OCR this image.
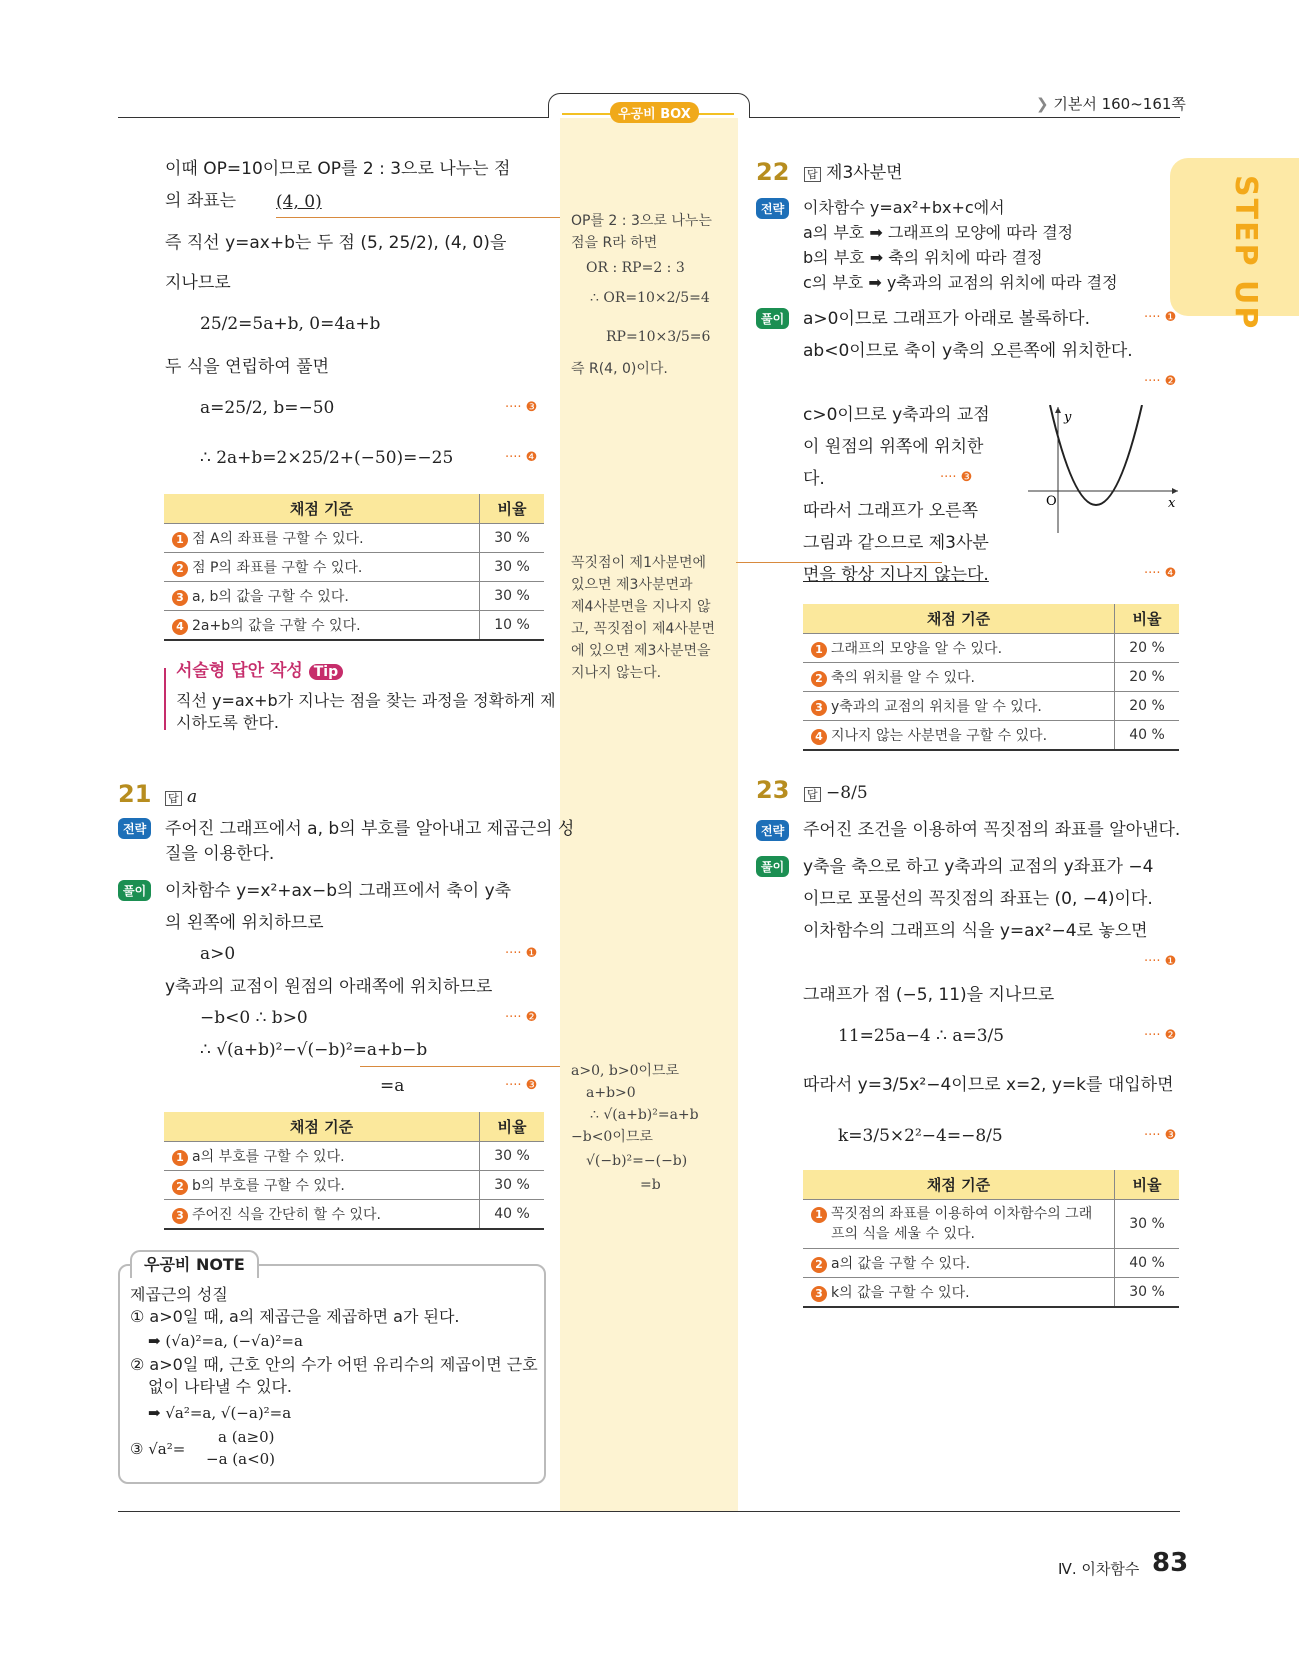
우공비 BOX
❯ 기본서 160~161쪽
STEP UP
이때 OP=10이므로 OP를 2 : 3으로 나누는 점
의 좌표는 (4, 0)
즉 직선 y=ax+b는 두 점 (5, 25/2), (4, 0)을
지나므로
25/2=5a+b, 0=4a+b
두 식을 연립하여 풀면
a=25/2, b=−50	···· ❸
∴ 2a+b=2×25/2+(−50)=−25	···· ❹
채점 기준	비율
1 점 A의 좌표를 구할 수 있다.	30 %
2 점 P의 좌표를 구할 수 있다.	30 %
3 a, b의 값을 구할 수 있다.	30 %
4 2a+b의 값을 구할 수 있다.	10 %
서술형 답안 작성 Tip
직선 y=ax+b가 지나는 점을 찾는 과정을 정확하게 제
시하도록 한다.
21 답 a
전략 주어진 그래프에서 a, b의 부호를 알아내고 제곱근의 성
질을 이용한다.
풀이 이차함수 y=x²+ax−b의 그래프에서 축이 y축
의 왼쪽에 위치하므로
a>0	···· ❶
y축과의 교점이 원점의 아래쪽에 위치하므로
−b<0 ∴ b>0	···· ❷
∴ √(a+b)²−√(−b)²=a+b−b
=a	···· ❸
채점 기준	비율
1 a의 부호를 구할 수 있다.	30 %
2 b의 부호를 구할 수 있다.	30 %
3 주어진 식을 간단히 할 수 있다.	40 %
우공비 NOTE
제곱근의 성질
① a>0일 때, a의 제곱근을 제곱하면 a가 된다.
➡ (√a)²=a, (−√a)²=a
② a>0일 때, 근호 안의 수가 어떤 유리수의 제곱이면 근호
없이 나타낼 수 있다.
➡ √a²=a, √(−a)²=a
③ √a²=
a (a≥0)
−a (a<0)
OP를 2 : 3으로 나누는
점을 R라 하면
OR : RP=2 : 3
∴ OR=10×2/5=4
RP=10×3/5=6
즉 R(4, 0)이다.
꼭짓점이 제1사분면에
있으면 제3사분면과
제4사분면을 지나지 않
고, 꼭짓점이 제4사분면
에 있으면 제3사분면을
지나지 않는다.
a>0, b>0이므로
a+b>0
∴ √(a+b)²=a+b
−b<0이므로
√(−b)²=−(−b)
=b
22 답 제3사분면
전략	이차함수 y=ax²+bx+c에서
a의 부호 ➡ 그래프의 모양에 따라 결정
b의 부호 ➡ 축의 위치에 따라 결정
c의 부호 ➡ y축과의 교점의 위치에 따라 결정
풀이 a>0이므로 그래프가 아래로 볼록하다.	···· ❶
ab<0이므로 축이 y축의 오른쪽에 위치한다.
···· ❷
c>0이므로 y축과의 교점
이 원점의 위쪽에 위치한
다.	···· ❸
따라서 그래프가 오른쪽
그림과 같으므로 제3사분
면을 항상 지나지 않는다.	···· ❹
y
x
O
채점 기준	비율
1 그래프의 모양을 알 수 있다.	20 %
2 축의 위치를 알 수 있다.	20 %
3 y축과의 교점의 위치를 알 수 있다.	20 %
4 지나지 않는 사분면을 구할 수 있다.	40 %
23 답 −8/5
전략 주어진 조건을 이용하여 꼭짓점의 좌표를 알아낸다.
풀이 y축을 축으로 하고 y축과의 교점의 y좌표가 −4
이므로 포물선의 꼭짓점의 좌표는 (0, −4)이다.
이차함수의 그래프의 식을 y=ax²−4로 놓으면
···· ❶
그래프가 점 (−5, 11)을 지나므로
11=25a−4 ∴ a=3/5	···· ❷
따라서 y=3/5x²−4이므로 x=2, y=k를 대입하면
k=3/5×2²−4=−8/5	···· ❸
채점 기준	비율
1 꼭짓점의 좌표를 이용하여 이차함수의 그래
프의 식을 세울 수 있다.	30 %
2 a의 값을 구할 수 있다.	40 %
3 k의 값을 구할 수 있다.	30 %
Ⅳ. 이차함수 83
